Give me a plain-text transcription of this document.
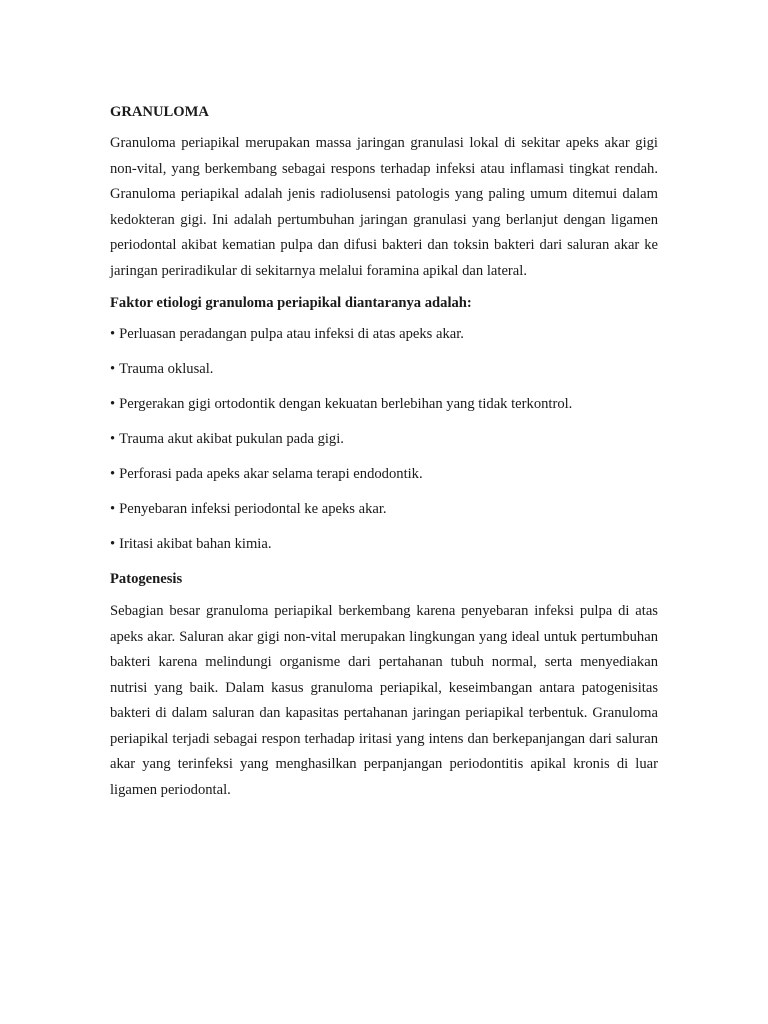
GRANULOMA

Granuloma periapikal merupakan massa jaringan granulasi lokal di sekitar apeks akar gigi non-vital, yang berkembang sebagai respons terhadap infeksi atau inflamasi tingkat rendah. Granuloma periapikal adalah jenis radiolusensi patologis yang paling umum ditemui dalam kedokteran gigi. Ini adalah pertumbuhan jaringan granulasi yang berlanjut dengan ligamen periodontal akibat kematian pulpa dan difusi bakteri dan toksin bakteri dari saluran akar ke jaringan periradikular di sekitarnya melalui foramina apikal dan lateral.

Faktor etiologi granuloma periapikal diantaranya adalah:
• Perluasan peradangan pulpa atau infeksi di atas apeks akar.
• Trauma oklusal.
• Pergerakan gigi ortodontik dengan kekuatan berlebihan yang tidak terkontrol.
• Trauma akut akibat pukulan pada gigi.
• Perforasi pada apeks akar selama terapi endodontik.
• Penyebaran infeksi periodontal ke apeks akar.
• Iritasi akibat bahan kimia.
Patogenesis

Sebagian besar granuloma periapikal berkembang karena penyebaran infeksi pulpa di atas apeks akar. Saluran akar gigi non-vital merupakan lingkungan yang ideal untuk pertumbuhan bakteri karena melindungi organisme dari pertahanan tubuh normal, serta menyediakan nutrisi yang baik. Dalam kasus granuloma periapikal, keseimbangan antara patogenisitas bakteri di dalam saluran dan kapasitas pertahanan jaringan periapikal terbentuk. Granuloma periapikal terjadi sebagai respon terhadap iritasi yang intens dan berkepanjangan dari saluran akar yang terinfeksi yang menghasilkan perpanjangan periodontitis apikal kronis di luar ligamen periodontal.
